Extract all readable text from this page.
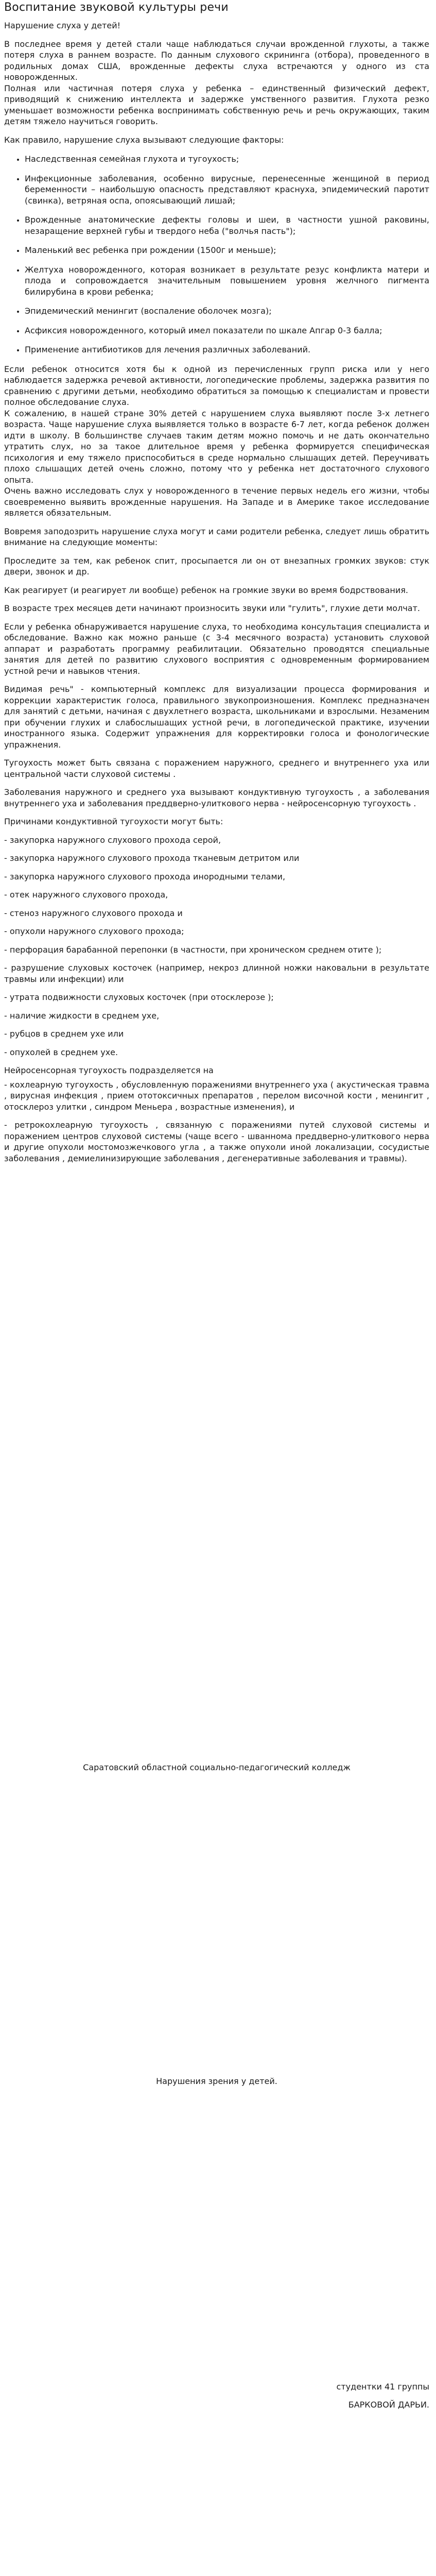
Воспитание звуковой культуры речи

Нарушение слуха у детей!

В последнее время у детей стали чаще наблюдаться случаи врожденной глухоты, а также потеря слуха в раннем возрасте. По данным слухового скрининга (отбора), проведенного в родильных домах США, врожденные дефекты слуха встречаются у одного из ста новорожденных.

Полная или частичная потеря слуха у ребенка – единственный физический дефект, приводящий к снижению интеллекта и задержке умственного развития. Глухота резко уменьшает возможности ребенка воспринимать собственную речь и речь окружающих, таким детям тяжело научиться говорить.

Как правило, нарушение слуха вызывают следующие факторы:

• Наследственная семейная глухота и тугоухость;
• Инфекционные заболевания, особенно вирусные, перенесенные женщиной в период беременности – наибольшую опасность представляют краснуха, эпидемический паротит (свинка), ветряная оспа, опоясывающий лишай;
• Врожденные анатомические дефекты головы и шеи, в частности ушной раковины, незаращение верхней губы и твердого неба ("волчья пасть");
• Маленький вес ребенка при рождении (1500г и меньше);
• Желтуха новорожденного, которая возникает в результате резус конфликта матери и плода и сопровождается значительным повышением уровня желчного пигмента билирубина в крови ребенка;
• Эпидемический менингит (воспаление оболочек мозга);
• Асфиксия новорожденного, который имел показатели по шкале Апгар 0-3 балла;
• Применение антибиотиков для лечения различных заболеваний.

Если ребенок относится хотя бы к одной из перечисленных групп риска или у него наблюдается задержка речевой активности, логопедические проблемы, задержка развития по сравнению с другими детьми, необходимо обратиться за помощью к специалистам и провести полное обследование слуха.

К сожалению, в нашей стране 30% детей с нарушением слуха выявляют после 3-х летнего возраста. Чаще нарушение слуха выявляется только в возрасте 6-7 лет, когда ребенок должен идти в школу. В большинстве случаев таким детям можно помочь и не дать окончательно утратить слух, но за такое длительное время у ребенка формируется специфическая психология и ему тяжело приспособиться в среде нормально слышащих детей. Переучивать плохо слышащих детей очень сложно, потому что у ребенка нет достаточного слухового опыта.

Очень важно исследовать слух у новорожденного в течение первых недель его жизни, чтобы своевременно выявить врожденные нарушения. На Западе и в Америке такое исследование является обязательным.

Вовремя заподозрить нарушение слуха могут и сами родители ребенка, следует лишь обратить внимание на следующие моменты:

Проследите за тем, как ребенок спит, просыпается ли он от внезапных громких звуков: стук двери, звонок и др.

Как реагирует (и реагирует ли вообще) ребенок на громкие звуки во время бодрствования.

В возрасте трех месяцев дети начинают произносить звуки или "гулить", глухие дети молчат.

Если у ребенка обнаруживается нарушение слуха, то необходима консультация специалиста и обследование. Важно как можно раньше (с 3-4 месячного возраста) установить слуховой аппарат и разработать программу реабилитации. Обязательно проводятся специальные занятия для детей по развитию слухового восприятия с одновременным формированием устной речи и навыков чтения.

Видимая речь" - компьютерный комплекс для визуализации процесса формирования и коррекции характеристик голоса, правильного звукопроизношения. Комплекс предназначен для занятий с детьми, начиная с двухлетнего возраста, школьниками и взрослыми. Незаменим при обучении глухих и слабослышащих устной речи, в логопедической практике, изучении иностранного языка. Содержит упражнения для корректировки голоса и фонологические упражнения.

Тугоухость может быть связана с поражением наружного, среднего и внутреннего уха или центральной части слуховой системы .

Заболевания наружного и среднего уха вызывают кондуктивную тугоухость , а заболевания внутреннего уха и заболевания преддверно-улиткового нерва - нейросенсорную тугоухость .

Причинами кондуктивной тугоухости могут быть:

- закупорка наружного слухового прохода серой,

- закупорка наружного слухового прохода тканевым детритом или

- закупорка наружного слухового прохода инородными телами,

- отек наружного слухового прохода,

- стеноз наружного слухового прохода и

- опухоли наружного слухового прохода;

- перфорация барабанной перепонки (в частности, при хроническом среднем отите );

- разрушение слуховых косточек (например, некроз длинной ножки наковальни в результате травмы или инфекции) или

- утрата подвижности слуховых косточек (при отосклерозе );

- наличие жидкости в среднем ухе,

- рубцов в среднем ухе или

- опухолей в среднем ухе.

Нейросенсорная тугоухость подразделяется на

- кохлеарную тугоухость , обусловленную поражениями внутреннего уха ( акустическая травма , вирусная инфекция , прием ототоксичных препаратов , перелом височной кости , менингит , отосклероз улитки , синдром Меньера , возрастные изменения), и

- ретрокохлеарную тугоухость , связанную с поражениями путей слуховой системы и поражением центров слуховой системы (чаще всего - шваннома преддверно-улиткового нерва и другие опухоли мостомозжечкового угла , а также опухоли иной локализации, сосудистые заболевания , демиелинизирующие заболевания , дегенеративные заболевания и травмы).

Саратовский областной социально-педагогический колледж

Нарушения зрения у детей.

студентки 41 группы

БАРКОВОЙ ДАРЬИ.
